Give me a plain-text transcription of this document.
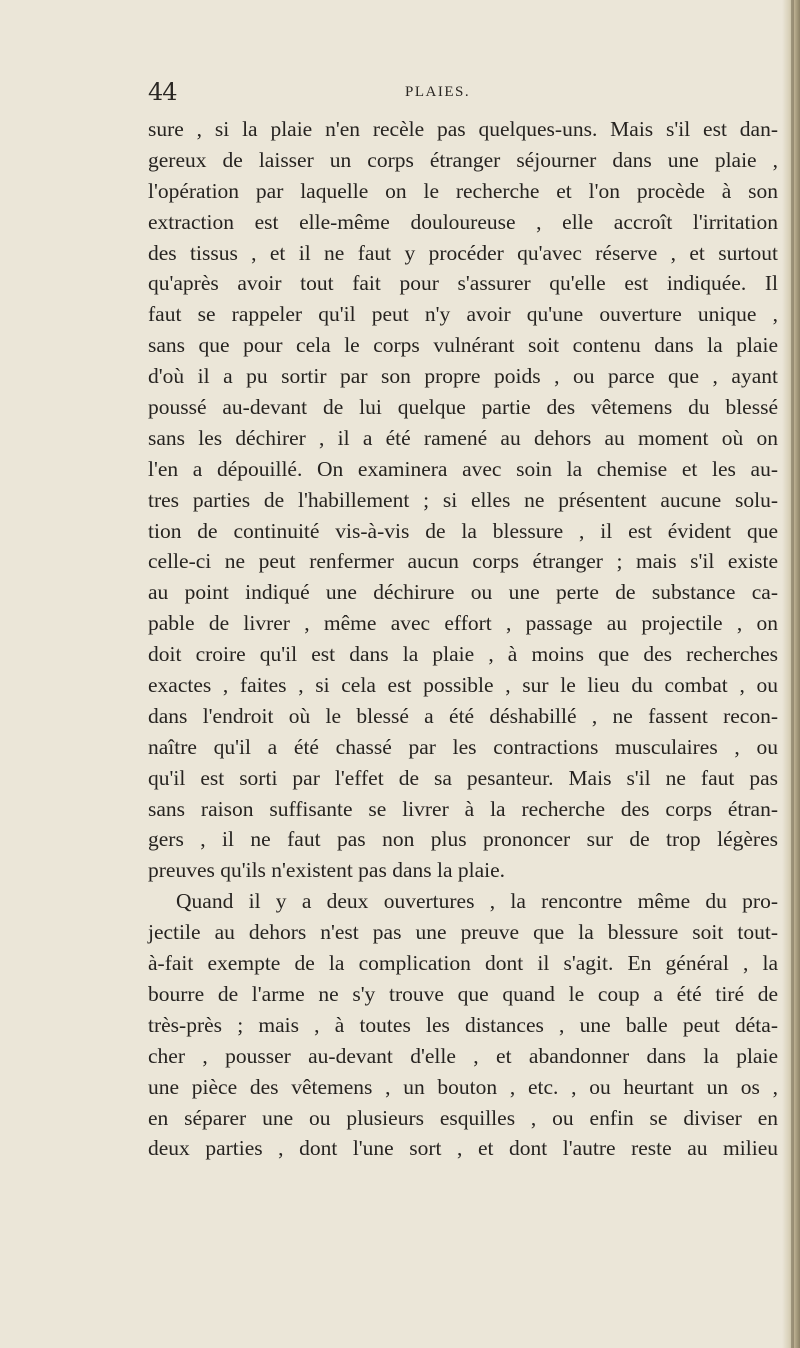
44	PLAIES.
sure , si la plaie n'en recèle pas quelques-uns. Mais s'il est dan-
gereux de laisser un corps étranger séjourner dans une plaie ,
l'opération par laquelle on le recherche et l'on procède à son
extraction est elle-même douloureuse , elle accroît l'irritation
des tissus , et il ne faut y procéder qu'avec réserve , et surtout
qu'après avoir tout fait pour s'assurer qu'elle est indiquée. Il
faut se rappeler qu'il peut n'y avoir qu'une ouverture unique ,
sans que pour cela le corps vulnérant soit contenu dans la plaie
d'où il a pu sortir par son propre poids , ou parce que , ayant
poussé au-devant de lui quelque partie des vêtemens du blessé
sans les déchirer , il a été ramené au dehors au moment où on
l'en a dépouillé. On examinera avec soin la chemise et les au-
tres parties de l'habillement ; si elles ne présentent aucune solu-
tion de continuité vis-à-vis de la blessure , il est évident que
celle-ci ne peut renfermer aucun corps étranger ; mais s'il existe
au point indiqué une déchirure ou une perte de substance ca-
pable de livrer , même avec effort , passage au projectile , on
doit croire qu'il est dans la plaie , à moins que des recherches
exactes , faites , si cela est possible , sur le lieu du combat , ou
dans l'endroit où le blessé a été déshabillé , ne fassent recon-
naître qu'il a été chassé par les contractions musculaires , ou
qu'il est sorti par l'effet de sa pesanteur. Mais s'il ne faut pas
sans raison suffisante se livrer à la recherche des corps étran-
gers , il ne faut pas non plus prononcer sur de trop légères
preuves qu'ils n'existent pas dans la plaie.
Quand il y a deux ouvertures , la rencontre même du pro-
jectile au dehors n'est pas une preuve que la blessure soit tout-
à-fait exempte de la complication dont il s'agit. En général , la
bourre de l'arme ne s'y trouve que quand le coup a été tiré de
très-près ; mais , à toutes les distances , une balle peut déta-
cher , pousser au-devant d'elle , et abandonner dans la plaie
une pièce des vêtemens , un bouton , etc. , ou heurtant un os ,
en séparer une ou plusieurs esquilles , ou enfin se diviser en
deux parties , dont l'une sort , et dont l'autre reste au milieu
